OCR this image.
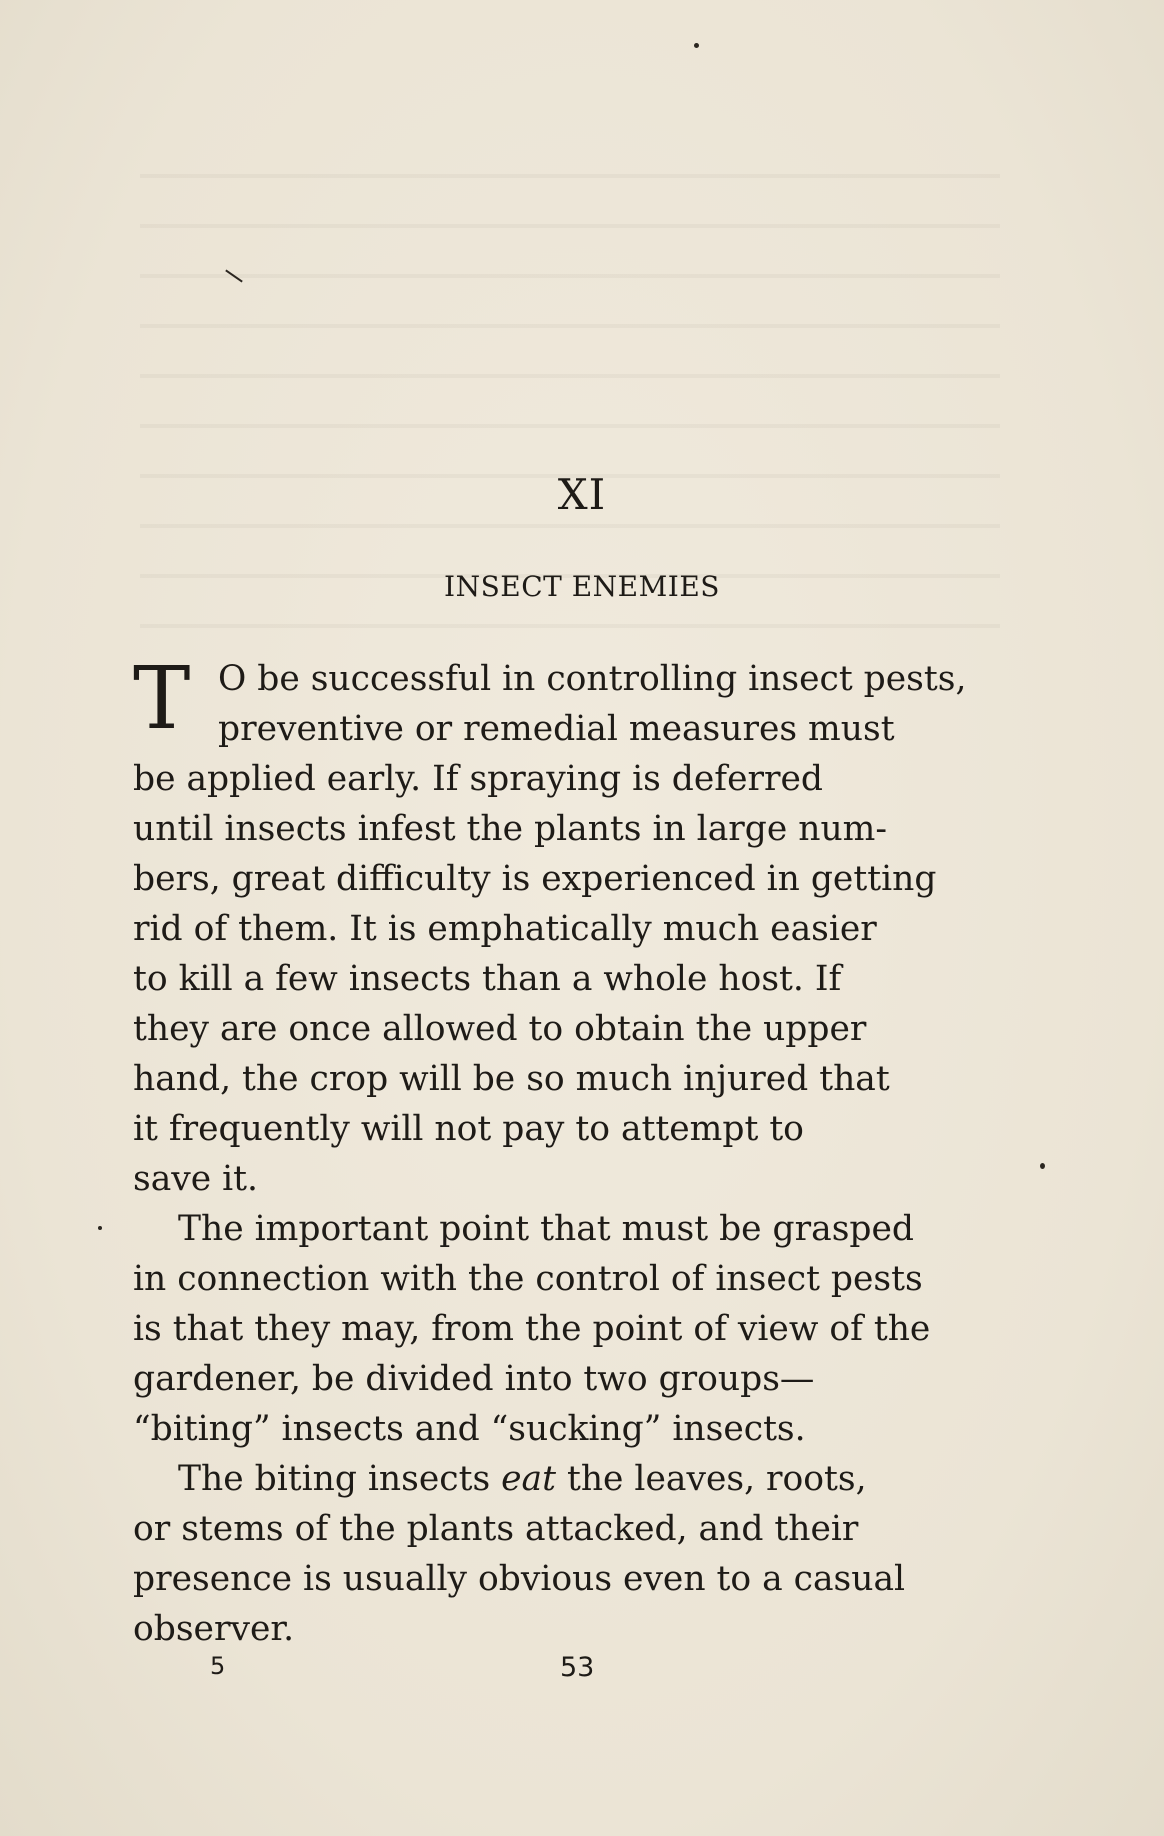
XI
INSECT ENEMIES
T O be successful in controlling insect pests,
preventive or remedial measures must
be applied early. If spraying is deferred
until insects infest the plants in large num-
bers, great difficulty is experienced in getting
rid of them. It is emphatically much easier
to kill a few insects than a whole host. If
they are once allowed to obtain the upper
hand, the crop will be so much injured that
it frequently will not pay to attempt to
save it.
The important point that must be grasped
in connection with the control of insect pests
is that they may, from the point of view of the
gardener, be divided into two groups—
“biting” insects and “sucking” insects.
The biting insects eat the leaves, roots,
or stems of the plants attacked, and their
presence is usually obvious even to a casual
observer.
5	53
